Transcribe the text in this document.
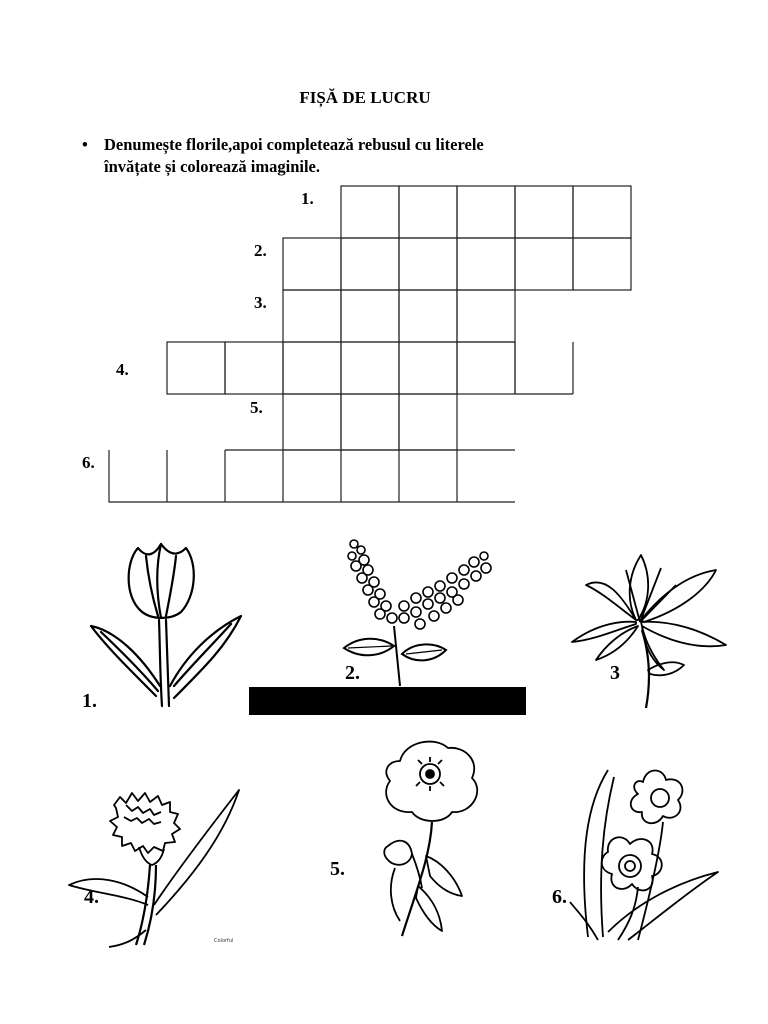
FIȘĂ DE LUCRU
• Denumește florile,apoi completează rebusul cu literele
învățate și colorează imaginile.
1.
2.
3.
4.
5.
6.
1.
2.	3
4.
Colorful
5.
6.
